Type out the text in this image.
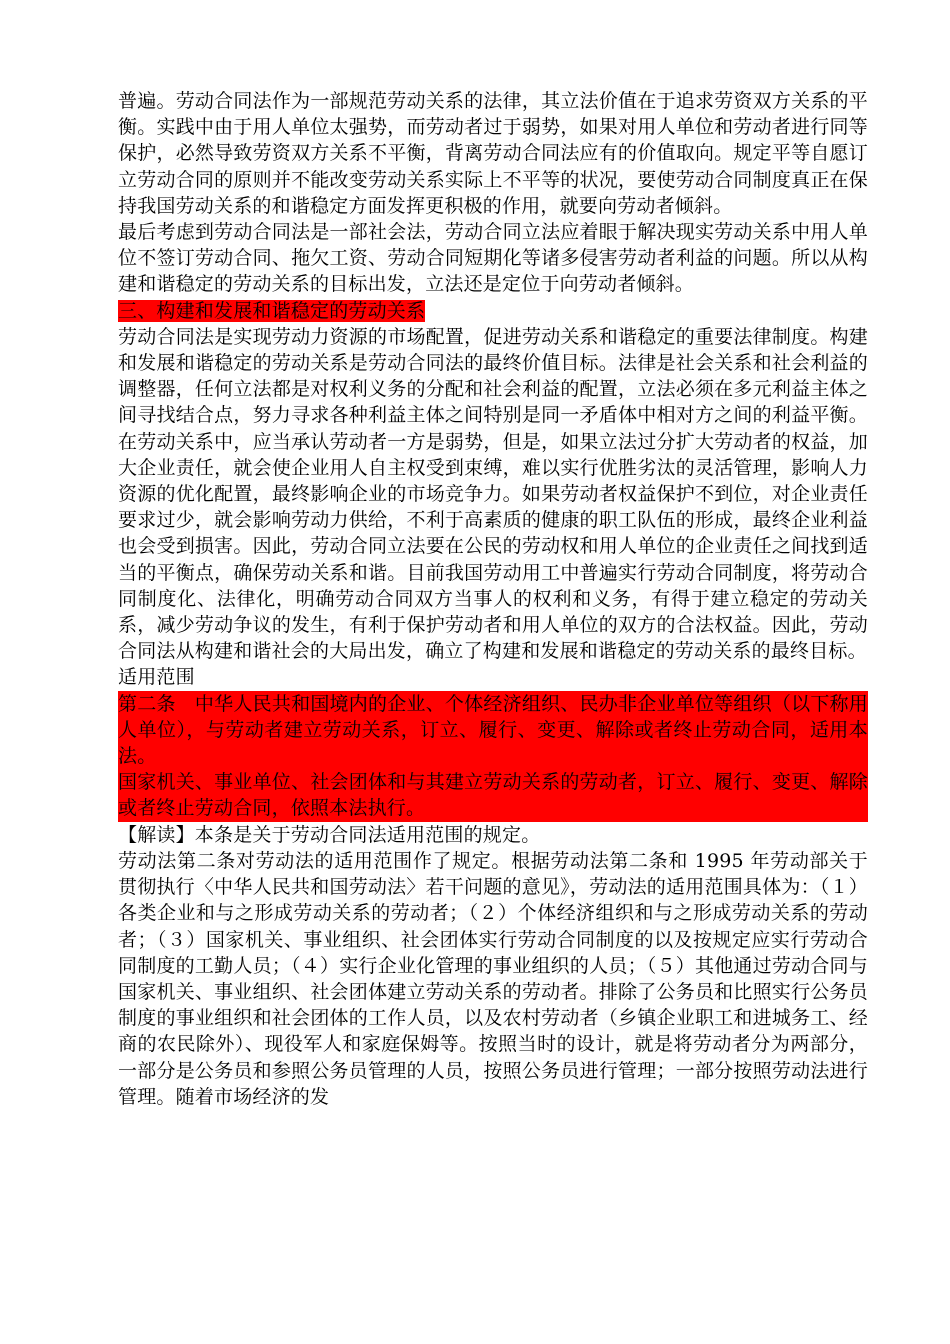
普遍。劳动合同法作为一部规范劳动关系的法律，其立法价值在于追求劳资双方关系的平衡。实践中由于用人单位太强势，而劳动者过于弱势，如果对用人单位和劳动者进行同等保护，必然导致劳资双方关系不平衡，背离劳动合同法应有的价值取向。规定平等自愿订立劳动合同的原则并不能改变劳动关系实际上不平等的状况，要使劳动合同制度真正在保持我国劳动关系的和谐稳定方面发挥更积极的作用，就要向劳动者倾斜。

最后考虑到劳动合同法是一部社会法，劳动合同立法应着眼于解决现实劳动关系中用人单位不签订劳动合同、拖欠工资、劳动合同短期化等诸多侵害劳动者利益的问题。所以从构建和谐稳定的劳动关系的目标出发，立法还是定位于向劳动者倾斜。

三、构建和发展和谐稳定的劳动关系

劳动合同法是实现劳动力资源的市场配置，促进劳动关系和谐稳定的重要法律制度。构建和发展和谐稳定的劳动关系是劳动合同法的最终价值目标。法律是社会关系和社会利益的调整器，任何立法都是对权利义务的分配和社会利益的配置，立法必须在多元利益主体之间寻找结合点，努力寻求各种利益主体之间特别是同一矛盾体中相对方之间的利益平衡。在劳动关系中，应当承认劳动者一方是弱势，但是，如果立法过分扩大劳动者的权益，加大企业责任，就会使企业用人自主权受到束缚，难以实行优胜劣汰的灵活管理，影响人力资源的优化配置，最终影响企业的市场竞争力。如果劳动者权益保护不到位，对企业责任要求过少，就会影响劳动力供给，不利于高素质的健康的职工队伍的形成，最终企业利益也会受到损害。因此，劳动合同立法要在公民的劳动权和用人单位的企业责任之间找到适当的平衡点，确保劳动关系和谐。目前我国劳动用工中普遍实行劳动合同制度，将劳动合同制度化、法律化，明确劳动合同双方当事人的权利和义务，有得于建立稳定的劳动关系，减少劳动争议的发生，有利于保护劳动者和用人单位的双方的合法权益。因此，劳动合同法从构建和谐社会的大局出发，确立了构建和发展和谐稳定的劳动关系的最终目标。

适用范围

第二条　中华人民共和国境内的企业、个体经济组织、民办非企业单位等组织（以下称用人单位），与劳动者建立劳动关系，订立、履行、变更、解除或者终止劳动合同，适用本法。

国家机关、事业单位、社会团体和与其建立劳动关系的劳动者，订立、履行、变更、解除或者终止劳动合同，依照本法执行。

【解读】本条是关于劳动合同法适用范围的规定。

劳动法第二条对劳动法的适用范围作了规定。根据劳动法第二条和 1995 年劳动部关于贯彻执行〈中华人民共和国劳动法〉若干问题的意见》，劳动法的适用范围具体为：（１）各类企业和与之形成劳动关系的劳动者；（２）个体经济组织和与之形成劳动关系的劳动者；（３）国家机关、事业组织、社会团体实行劳动合同制度的以及按规定应实行劳动合同制度的工勤人员；（４）实行企业化管理的事业组织的人员；（５）其他通过劳动合同与国家机关、事业组织、社会团体建立劳动关系的劳动者。排除了公务员和比照实行公务员制度的事业组织和社会团体的工作人员，以及农村劳动者（乡镇企业职工和进城务工、经商的农民除外）、现役军人和家庭保姆等。按照当时的设计，就是将劳动者分为两部分，一部分是公务员和参照公务员管理的人员，按照公务员进行管理；一部分按照劳动法进行管理。随着市场经济的发
